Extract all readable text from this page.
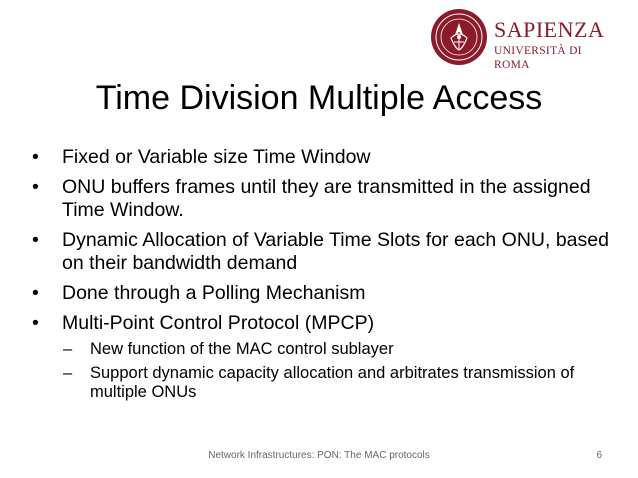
SAPIENZA
UNIVERSITÀ DI ROMA
Time Division Multiple Access
• Fixed or Variable size Time Window
• ONU buffers frames until they are transmitted in the assigned Time Window.
• Dynamic Allocation of Variable Time Slots for each ONU, based on their bandwidth demand
• Done through a Polling Mechanism
• Multi-Point Control Protocol (MPCP)
– New function of the MAC control sublayer
– Support dynamic capacity allocation and arbitrates transmission of multiple ONUs
Network Infrastructures: PON: The MAC protocols	6
